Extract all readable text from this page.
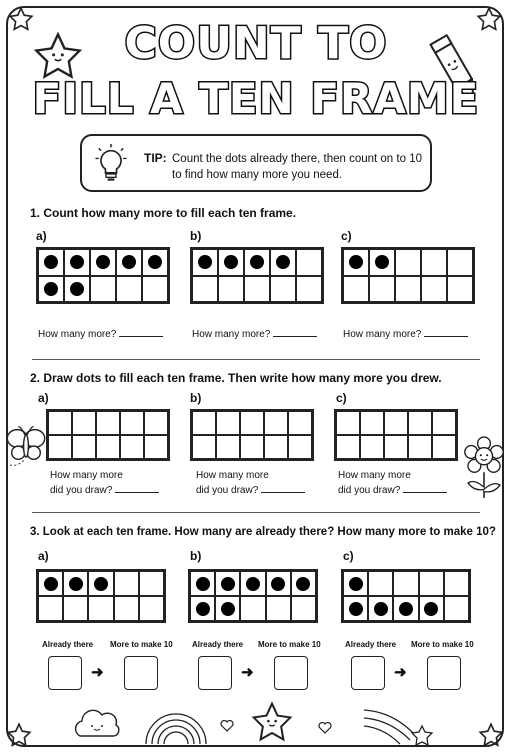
COUNT TO
FILL A TEN FRAME
TIP: Count the dots already there, then count on to 10 to find how many more you need.
1. Count how many more to fill each ten frame.
a)
How many more?
b)
How many more?
c)
How many more?
2. Draw dots to fill each ten frame. Then write how many more you drew.
a)
How many more
did you draw?
b)
How many more
did you draw?
c)
How many more
did you draw?
3. Look at each ten frame. How many are already there? How many more to make 10?
a)	b)	c)
Already there More to make 10
➜
Already there More to make 10
➜
Already there More to make 10
➜
